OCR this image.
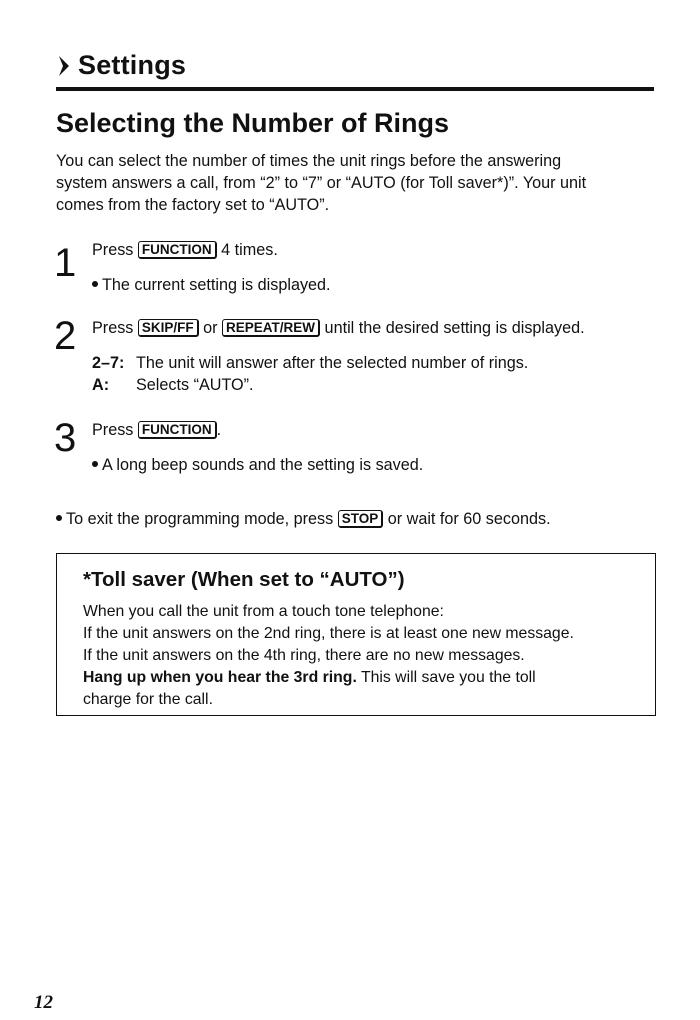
Settings
Selecting the Number of Rings
You can select the number of times the unit rings before the answering
system answers a call, from “2” to “7” or “AUTO (for Toll saver*)”. Your unit
comes from the factory set to “AUTO”.
1 Press FUNCTION 4 times.
The current setting is displayed.
2 Press SKIP/FF or REPEAT/REW until the desired setting is displayed.
2–7: The unit will answer after the selected number of rings.
A: Selects “AUTO”.
3 Press FUNCTION .
A long beep sounds and the setting is saved.
To exit the programming mode, press STOP or wait for 60 seconds.
*Toll saver (When set to “AUTO”)
When you call the unit from a touch tone telephone:
If the unit answers on the 2nd ring, there is at least one new message.
If the unit answers on the 4th ring, there are no new messages.
Hang up when you hear the 3rd ring. This will save you the toll
charge for the call.
12
